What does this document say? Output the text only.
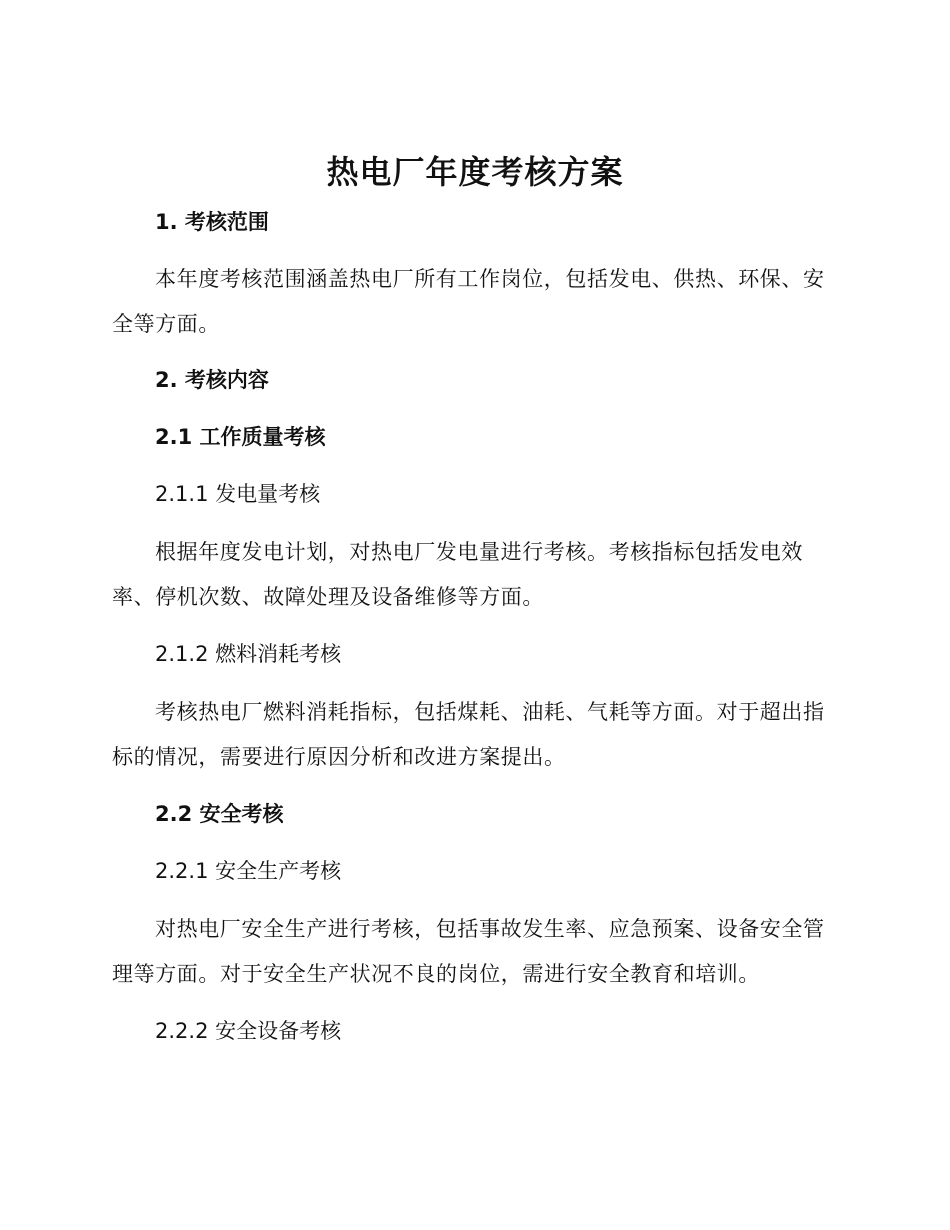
热电厂年度考核方案

1. 考核范围

本年度考核范围涵盖热电厂所有工作岗位，包括发电、供热、环保、安全等方面。

2. 考核内容

2.1 工作质量考核

2.1.1 发电量考核

根据年度发电计划，对热电厂发电量进行考核。考核指标包括发电效率、停机次数、故障处理及设备维修等方面。

2.1.2 燃料消耗考核

考核热电厂燃料消耗指标，包括煤耗、油耗、气耗等方面。对于超出指标的情况，需要进行原因分析和改进方案提出。

2.2 安全考核

2.2.1 安全生产考核

对热电厂安全生产进行考核，包括事故发生率、应急预案、设备安全管理等方面。对于安全生产状况不良的岗位，需进行安全教育和培训。

2.2.2 安全设备考核
